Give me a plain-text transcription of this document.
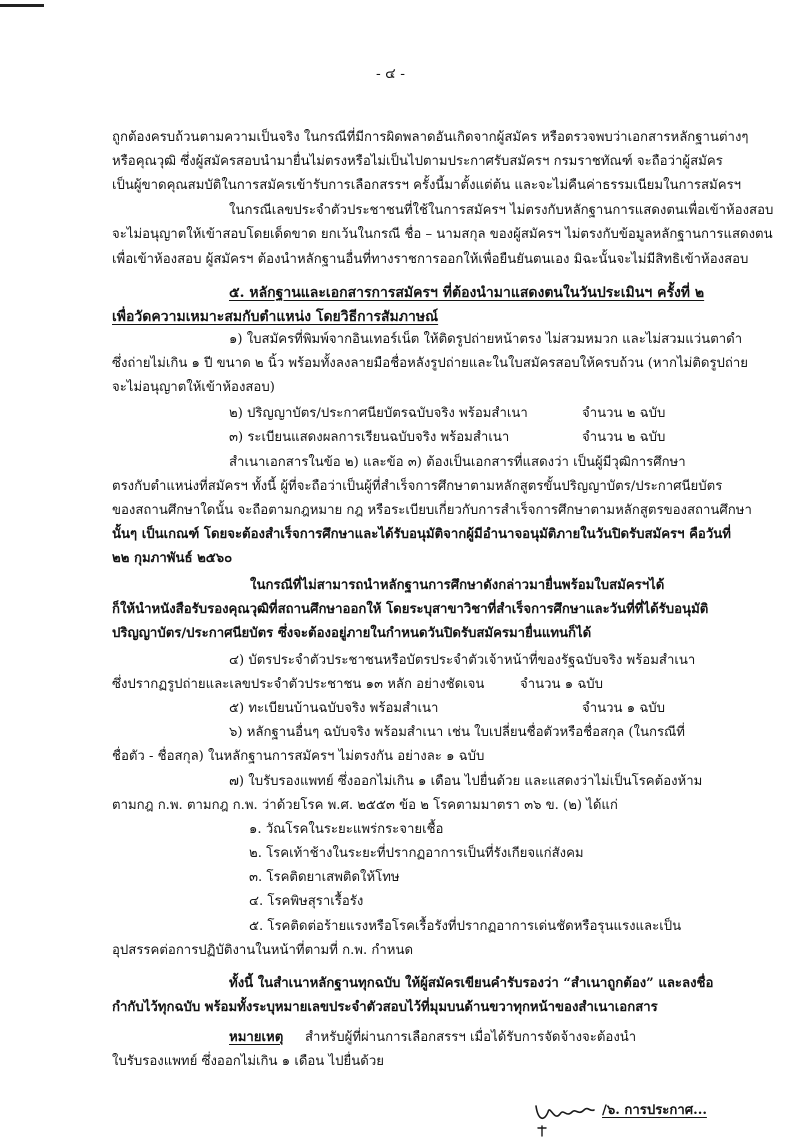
- ๔ -
ถูกต้องครบถ้วนตามความเป็นจริง ในกรณีที่มีการผิดพลาดอันเกิดจากผู้สมัคร หรือตรวจพบว่าเอกสารหลักฐานต่างๆ
หรือคุณวุฒิ ซึ่งผู้สมัครสอบนำมายื่นไม่ตรงหรือไม่เป็นไปตามประกาศรับสมัครฯ กรมราชทัณฑ์ จะถือว่าผู้สมัคร
เป็นผู้ขาดคุณสมบัติในการสมัครเข้ารับการเลือกสรรฯ ครั้งนี้มาตั้งแต่ต้น และจะไม่คืนค่าธรรมเนียมในการสมัครฯ
ในกรณีเลขประจำตัวประชาชนที่ใช้ในการสมัครฯ ไม่ตรงกับหลักฐานการแสดงตนเพื่อเข้าห้องสอบ
จะไม่อนุญาตให้เข้าสอบโดยเด็ดขาด ยกเว้นในกรณี ชื่อ – นามสกุล ของผู้สมัครฯ ไม่ตรงกับข้อมูลหลักฐานการแสดงตน
เพื่อเข้าห้องสอบ ผู้สมัครฯ ต้องนำหลักฐานอื่นที่ทางราชการออกให้เพื่อยืนยันตนเอง มิฉะนั้นจะไม่มีสิทธิเข้าห้องสอบ
๕. หลักฐานและเอกสารการสมัครฯ ที่ต้องนำมาแสดงตนในวันประเมินฯ ครั้งที่ ๒
เพื่อวัดความเหมาะสมกับตำแหน่ง โดยวิธีการสัมภาษณ์
๑) ใบสมัครที่พิมพ์จากอินเทอร์เน็ต ให้ติดรูปถ่ายหน้าตรง ไม่สวมหมวก และไม่สวมแว่นตาดำ
ซึ่งถ่ายไม่เกิน ๑ ปี ขนาด ๒ นิ้ว พร้อมทั้งลงลายมือชื่อหลังรูปถ่ายและในใบสมัครสอบให้ครบถ้วน (หากไม่ติดรูปถ่าย
จะไม่อนุญาตให้เข้าห้องสอบ)
๒) ปริญญาบัตร/ประกาศนียบัตรฉบับจริง พร้อมสำเนา	จำนวน ๒ ฉบับ
๓) ระเบียนแสดงผลการเรียนฉบับจริง พร้อมสำเนา	จำนวน ๒ ฉบับ
สำเนาเอกสารในข้อ ๒) และข้อ ๓) ต้องเป็นเอกสารที่แสดงว่า เป็นผู้มีวุฒิการศึกษา
ตรงกับตำแหน่งที่สมัครฯ ทั้งนี้ ผู้ที่จะถือว่าเป็นผู้ที่สำเร็จการศึกษาตามหลักสูตรขั้นปริญญาบัตร/ประกาศนียบัตร
ของสถานศึกษาใดนั้น จะถือตามกฎหมาย กฎ หรือระเบียบเกี่ยวกับการสำเร็จการศึกษาตามหลักสูตรของสถานศึกษา
นั้นๆ เป็นเกณฑ์ โดยจะต้องสำเร็จการศึกษาและได้รับอนุมัติจากผู้มีอำนาจอนุมัติภายในวันปิดรับสมัครฯ คือวันที่
๒๒ กุมภาพันธ์ ๒๕๖๐
ในกรณีที่ไม่สามารถนำหลักฐานการศึกษาดังกล่าวมายื่นพร้อมใบสมัครฯได้
ก็ให้นำหนังสือรับรองคุณวุฒิที่สถานศึกษาออกให้ โดยระบุสาขาวิชาที่สำเร็จการศึกษาและวันที่ที่ได้รับอนุมัติ
ปริญญาบัตร/ประกาศนียบัตร ซึ่งจะต้องอยู่ภายในกำหนดวันปิดรับสมัครมายื่นแทนก็ได้
๔) บัตรประจำตัวประชาชนหรือบัตรประจำตัวเจ้าหน้าที่ของรัฐฉบับจริง พร้อมสำเนา
ซึ่งปรากฏรูปถ่ายและเลขประจำตัวประชาชน ๑๓ หลัก อย่างชัดเจน	จำนวน ๑ ฉบับ
๕) ทะเบียนบ้านฉบับจริง พร้อมสำเนา	จำนวน ๑ ฉบับ
๖) หลักฐานอื่นๆ ฉบับจริง พร้อมสำเนา เช่น ใบเปลี่ยนชื่อตัวหรือชื่อสกุล (ในกรณีที่
ชื่อตัว - ชื่อสกุล) ในหลักฐานการสมัครฯ ไม่ตรงกัน อย่างละ ๑ ฉบับ
๗) ใบรับรองแพทย์ ซึ่งออกไม่เกิน ๑ เดือน ไปยื่นด้วย และแสดงว่าไม่เป็นโรคต้องห้าม
ตามกฎ ก.พ. ตามกฎ ก.พ. ว่าด้วยโรค พ.ศ. ๒๕๕๓ ข้อ ๒ โรคตามมาตรา ๓๖ ข. (๒) ได้แก่
๑. วัณโรคในระยะแพร่กระจายเชื้อ
๒. โรคเท้าช้างในระยะที่ปรากฏอาการเป็นที่รังเกียจแก่สังคม
๓. โรคติดยาเสพติดให้โทษ
๔. โรคพิษสุราเรื้อรัง
๕. โรคติดต่อร้ายแรงหรือโรคเรื้อรังที่ปรากฏอาการเด่นชัดหรือรุนแรงและเป็น
อุปสรรคต่อการปฏิบัติงานในหน้าที่ตามที่ ก.พ. กำหนด
ทั้งนี้ ในสำเนาหลักฐานทุกฉบับ ให้ผู้สมัครเขียนคำรับรองว่า “สำเนาถูกต้อง” และลงชื่อ
กำกับไว้ทุกฉบับ พร้อมทั้งระบุหมายเลขประจำตัวสอบไว้ที่มุมบนด้านขวาทุกหน้าของสำเนาเอกสาร
หมายเหตุ สำหรับผู้ที่ผ่านการเลือกสรรฯ เมื่อได้รับการจัดจ้างจะต้องนำ
ใบรับรองแพทย์ ซึ่งออกไม่เกิน ๑ เดือน ไปยื่นด้วย
/๖. การประกาศ...
